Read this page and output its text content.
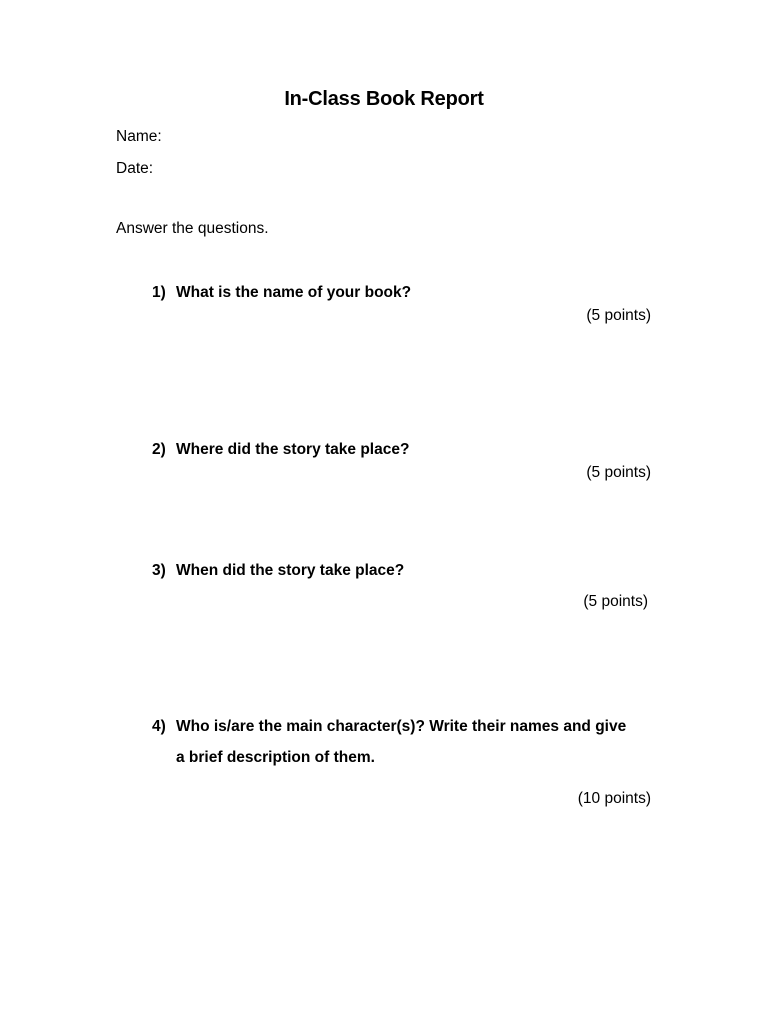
In-Class Book Report
Name:
Date:
Answer the questions.
1) What is the name of your book?
(5 points)
2) Where did the story take place?
(5 points)
3) When did the story take place?
(5 points)
4) Who is/are the main character(s)? Write their names and give
a brief description of them.
(10 points)
